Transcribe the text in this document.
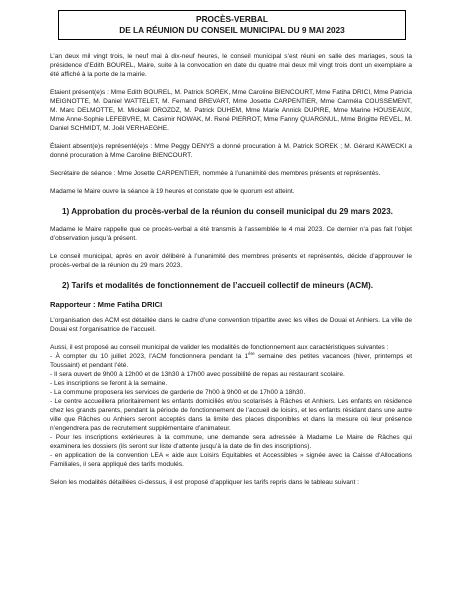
PROCÈS-VERBAL
DE LA RÉUNION DU CONSEIL MUNICIPAL DU 9 MAI 2023

L’an deux mil vingt trois, le neuf mai à dix-neuf heures, le conseil municipal s’est réuni en salle des mariages, sous la présidence d’Edith BOUREL, Maire, suite à la convocation en date du quatre mai deux mil vingt trois dont un exemplaire a été affiché à la porte de la mairie.

Etaient présent(e)s : Mme Edith BOUREL, M. Patrick SOREK, Mme Caroline BIENCOURT, Mme Fatiha DRICI, Mme Patricia MEIGNOTTE, M. Daniel WATTELET, M. Fernand BREVART, Mme Josette CARPENTIER, Mme Carméla COUSSEMENT, M. Marc DELMOTTE, M. Mickaël DROZDZ, M. Patrick DUHEM, Mme Marie Annick DUPIRE, Mme Marine HOUSEAUX, Mme Anne-Sophie LEFEBVRE, M. Casimir NOWAK, M. René PIERROT, Mme Fanny QUARGNUL, Mme Brigitte REVEL, M. Daniel SCHMIDT, M. Joël VERHAEGHE.

Étaient absent(e)s représenté(e)s : Mme Peggy DENYS a donné procuration à M. Patrick SOREK ; M. Gérard KAWECKI a donné procuration à Mme Caroline BIENCOURT.

Secrétaire de séance : Mme Josette CARPENTIER, nommée à l’unanimité des membres présents et représentés.

Madame le Maire ouvre la séance à 19 heures et constate que le quorum est atteint.

1) Approbation du procès-verbal de la réunion du conseil municipal du 29 mars 2023.

Madame le Maire rappelle que ce procès-verbal a été transmis à l’assemblée le 4 mai 2023. Ce dernier n’a pas fait l’objet d’observation jusqu’à présent.

Le conseil municipal, après en avoir délibéré à l’unanimité des membres présents et représentés, décide d’approuver le procès-verbal de la réunion du 29 mars 2023.

2) Tarifs et modalités de fonctionnement de l’accueil collectif de mineurs (ACM).
Rapporteur : Mme Fatiha DRICI

L’organisation des ACM est détaillée dans le cadre d’une convention tripartite avec les villes de Douai et Anhiers. La ville de Douai est l’organisatrice de l’accueil.

Aussi, il est proposé au conseil municipal de valider les modalités de fonctionnement aux caractéristiques suivantes :

- À compter du 10 juillet 2023, l’ACM fonctionnera pendant la 1ère semaine des petites vacances (hiver, printemps et Toussaint) et pendant l’été.

- Il sera ouvert de 9h00 à 12h00 et de 13h30 à 17h00 avec possibilité de repas au restaurant scolaire.

- Les inscriptions se feront à la semaine.

- La commune proposera les services de garderie de 7h00 à 9h00 et de 17h00 à 18h30.

- Le centre accueillera prioritairement les enfants domiciliés et/ou scolarisés à Râches et Anhiers. Les enfants en résidence chez les grands parents, pendant la période de fonctionnement de l’accueil de loisirs, et les enfants résidant dans une autre ville que Râches ou Anhiers seront acceptés dans la limite des places disponibles et dans la mesure où leur présence n’engendrera pas de recrutement supplémentaire d’animateur.

- Pour les inscriptions extérieures à la commune, une demande sera adressée à Madame Le Maire de Râches qui examinera les dossiers (ils seront sur liste d’attente jusqu’à la date de fin des inscriptions).

- en application de la convention LEA « aide aux Loisirs Equitables et Accessibles » signée avec la Caisse d’Allocations Familiales, il sera appliqué des tarifs modulés.

Selon les modalités détaillées ci-dessus, il est proposé d’appliquer les tarifs repris dans le tableau suivant :
